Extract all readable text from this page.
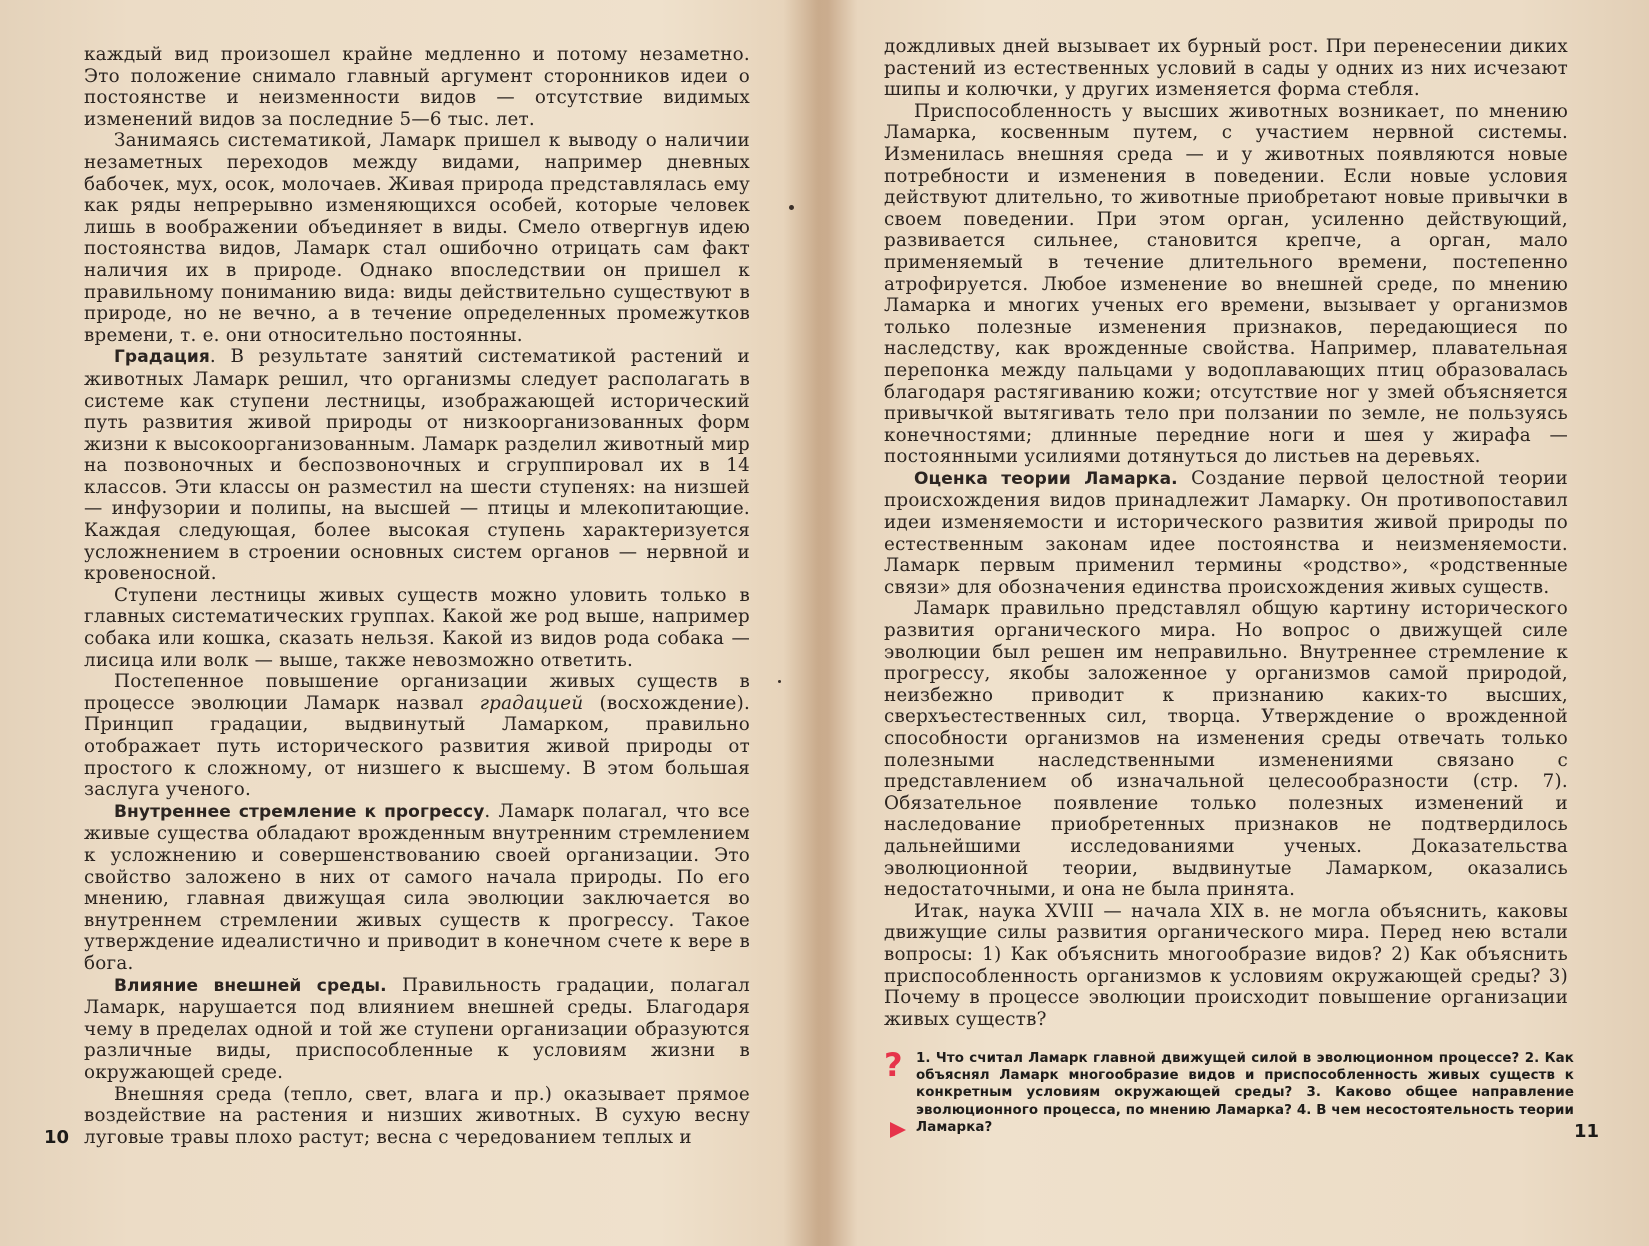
каждый вид произошел крайне медленно и потому незаметно. Это положение снимало главный аргумент сторонников идеи о постоянстве и неизменности видов — отсутствие видимых изменений видов за последние 5—6 тыс. лет.

Занимаясь систематикой, Ламарк пришел к выводу о наличии незаметных переходов между видами, например дневных бабочек, мух, осок, молочаев. Живая природа представлялась ему как ряды непрерывно изменяющихся особей, которые человек лишь в воображении объединяет в виды. Смело отвергнув идею постоянства видов, Ламарк стал ошибочно отрицать сам факт наличия их в природе. Однако впоследствии он пришел к правильному пониманию вида: виды действительно существуют в природе, но не вечно, а в течение определенных промежутков времени, т. е. они относительно постоянны.

Градация. В результате занятий систематикой растений и животных Ламарк решил, что организмы следует располагать в системе как ступени лестницы, изображающей исторический путь развития живой природы от низкоорганизованных форм жизни к высокоорганизованным. Ламарк разделил животный мир на позвоночных и беспозвоночных и сгруппировал их в 14 классов. Эти классы он разместил на шести ступенях: на низшей — инфузории и полипы, на высшей — птицы и млекопитающие. Каждая следующая, более высокая ступень характеризуется усложнением в строении основных систем органов — нервной и кровеносной.

Ступени лестницы живых существ можно уловить только в главных систематических группах. Какой же род выше, например собака или кошка, сказать нельзя. Какой из видов рода собака — лисица или волк — выше, также невозможно ответить.

Постепенное повышение организации живых существ в процессе эволюции Ламарк назвал градацией (восхождение). Принцип градации, выдвинутый Ламарком, правильно отображает путь исторического развития живой природы от простого к сложному, от низшего к высшему. В этом большая заслуга ученого.

Внутреннее стремление к прогрессу. Ламарк полагал, что все живые существа обладают врожденным внутренним стремлением к усложнению и совершенствованию своей организации. Это свойство заложено в них от самого начала природы. По его мнению, главная движущая сила эволюции заключается во внутреннем стремлении живых существ к прогрессу. Такое утверждение идеалистично и приводит в конечном счете к вере в бога.

Влияние внешней среды. Правильность градации, полагал Ламарк, нарушается под влиянием внешней среды. Благодаря чему в пределах одной и той же ступени организации образуются различные виды, приспособленные к условиям жизни в окружающей среде.

Внешняя среда (тепло, свет, влага и пр.) оказывает прямое воздействие на растения и низших животных. В сухую весну луговые травы плохо растут; весна с чередованием теплых и

10

дождливых дней вызывает их бурный рост. При перенесении диких растений из естественных условий в сады у одних из них исчезают шипы и колючки, у других изменяется форма стебля.

Приспособленность у высших животных возникает, по мнению Ламарка, косвенным путем, с участием нервной системы. Изменилась внешняя среда — и у животных появляются новые потребности и изменения в поведении. Если новые условия действуют длительно, то животные приобретают новые привычки в своем поведении. При этом орган, усиленно действующий, развивается сильнее, становится крепче, а орган, мало применяемый в течение длительного времени, постепенно атрофируется. Любое изменение во внешней среде, по мнению Ламарка и многих ученых его времени, вызывает у организмов только полезные изменения признаков, передающиеся по наследству, как врожденные свойства. Например, плавательная перепонка между пальцами у водоплавающих птиц образовалась благодаря растягиванию кожи; отсутствие ног у змей объясняется привычкой вытягивать тело при ползании по земле, не пользуясь конечностями; длинные передние ноги и шея у жирафа — постоянными усилиями дотянуться до листьев на деревьях.

Оценка теории Ламарка. Создание первой целостной теории происхождения видов принадлежит Ламарку. Он противопоставил идеи изменяемости и исторического развития живой природы по естественным законам идее постоянства и неизменяемости. Ламарк первым применил термины «родство», «родственные связи» для обозначения единства происхождения живых существ.

Ламарк правильно представлял общую картину исторического развития органического мира. Но вопрос о движущей силе эволюции был решен им неправильно. Внутреннее стремление к прогрессу, якобы заложенное у организмов самой природой, неизбежно приводит к признанию каких-то высших, сверхъестественных сил, творца. Утверждение о врожденной способности организмов на изменения среды отвечать только полезными наследственными изменениями связано с представлением об изначальной целесообразности (стр. 7). Обязательное появление только полезных изменений и наследование приобретенных признаков не подтвердилось дальнейшими исследованиями ученых. Доказательства эволюционной теории, выдвинутые Ламарком, оказались недостаточными, и она не была принята.

Итак, наука XVIII — начала XIX в. не могла объяснить, каковы движущие силы развития органического мира. Перед нею встали вопросы: 1) Как объяснить многообразие видов? 2) Как объяснить приспособленность организмов к условиям окружающей среды? 3) Почему в процессе эволюции происходит повышение организации живых существ?

?	1. Что считал Ламарк главной движущей силой в эволюционном процессе? 2. Как объяснял Ламарк многообразие видов и приспособленность живых существ к конкретным условиям окружающей среды? 3. Каково общее направление эволюционного процесса, по мнению Ламарка? 4. В чем несостоятельность теории Ламарка?	11
